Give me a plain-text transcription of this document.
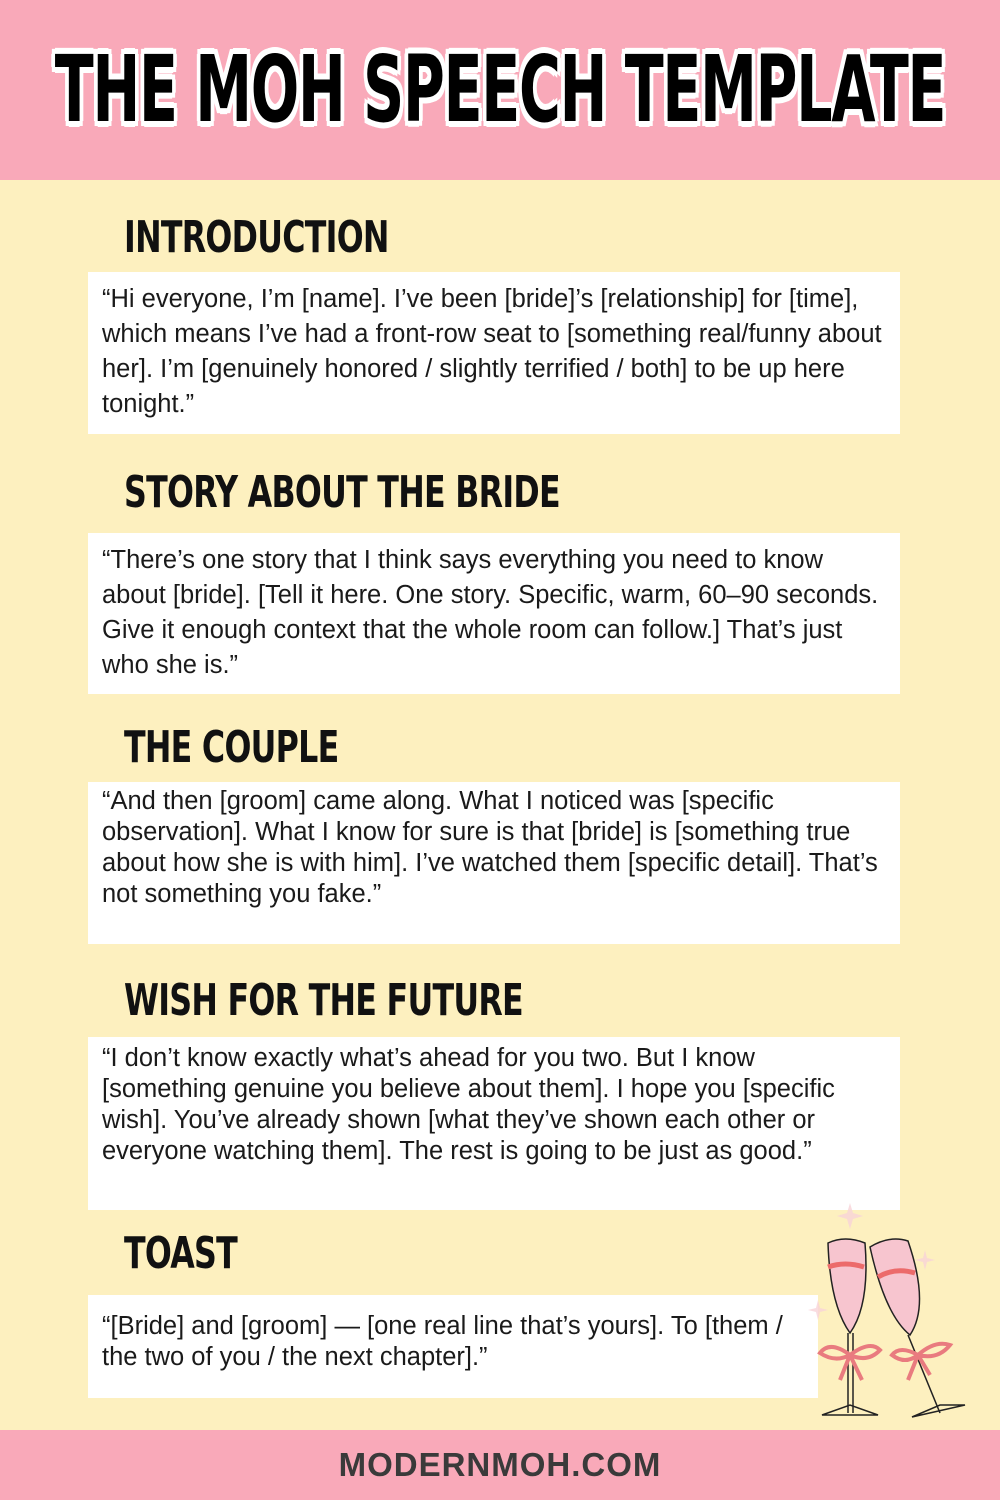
THE MOH SPEECH TEMPLATE
INTRODUCTION
“Hi everyone, I’m [name]. I’ve been [bride]’s [relationship] for [time], which means I’ve had a front-row seat to [something real/funny about her]. I’m [genuinely honored / slightly terrified / both] to be up here tonight.”
STORY ABOUT THE BRIDE
“There’s one story that I think says everything you need to know about [bride]. [Tell it here. One story. Specific, warm, 60–90 seconds. Give it enough context that the whole room can follow.] That’s just who she is.”
THE COUPLE
“And then [groom] came along. What I noticed was [specific observation]. What I know for sure is that [bride] is [something true about how she is with him]. I’ve watched them [specific detail]. That’s not something you fake.”
WISH FOR THE FUTURE
“I don’t know exactly what’s ahead for you two. But I know [something genuine you believe about them]. I hope you [specific wish]. You’ve already shown [what they’ve shown each other or everyone watching them]. The rest is going to be just as good.”
TOAST
“[Bride] and [groom] — [one real line that’s yours]. To [them / the two of you / the next chapter].”
MODERNMOH.COM
